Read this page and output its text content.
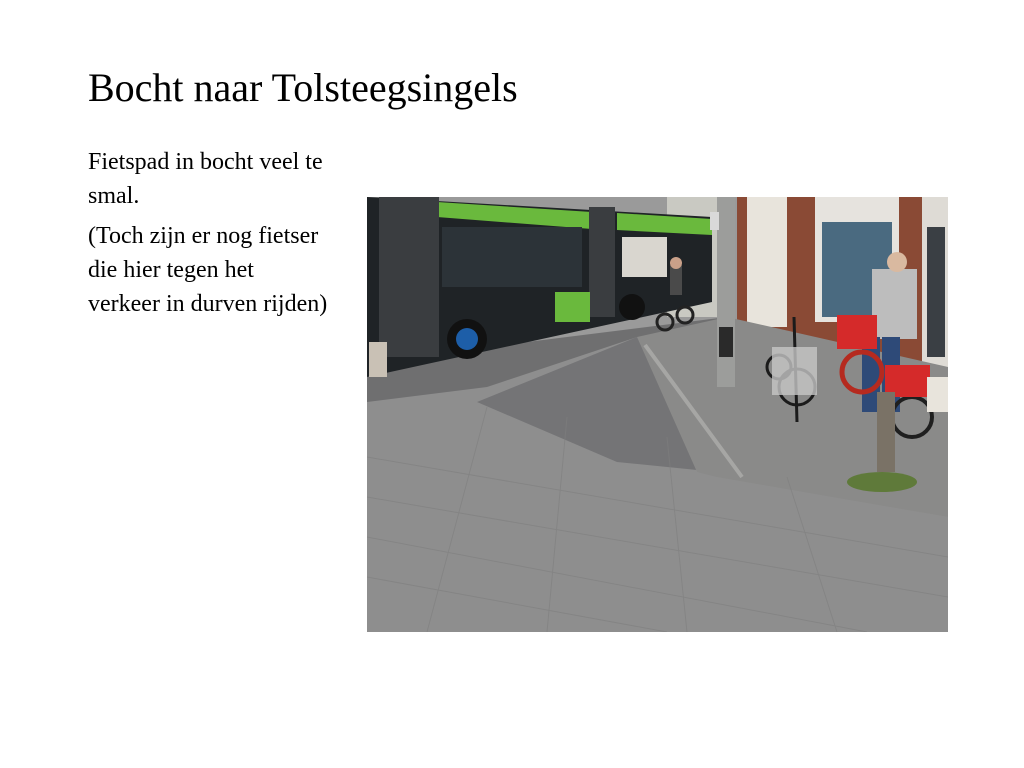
Bocht naar Tolsteegsingels

Fietspad in bocht veel te smal.

(Toch zijn er nog fietser die hier tegen het verkeer in durven rijden)
